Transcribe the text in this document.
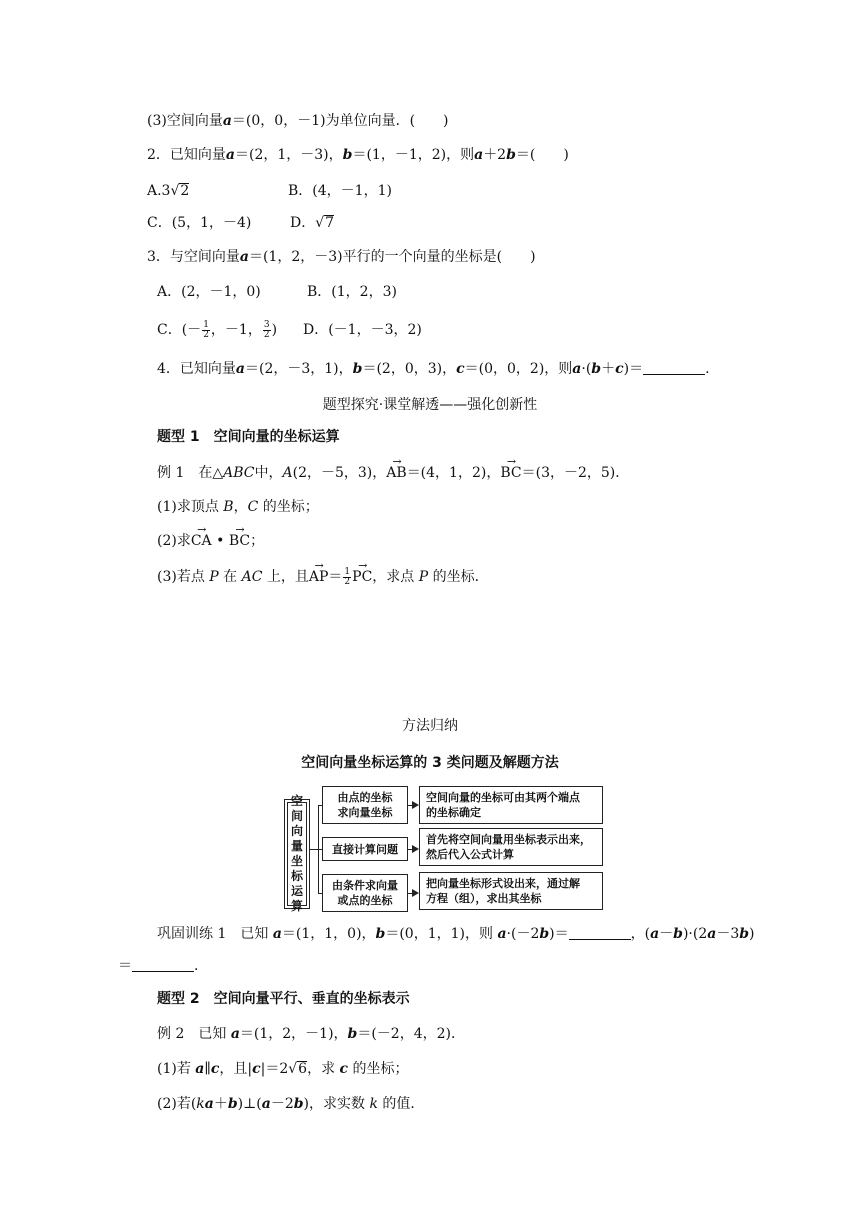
(3)空间向量a＝(0，0，－1)为单位向量．(　　)
2．已知向量a＝(2，1，－3)，b＝(1，－1，2)，则a＋2b＝(　　)
A.3√2	B．(4，－1，1)
C．(5，1，－4)	D．√7
3．与空间向量a＝(1，2，－3)平行的一个向量的坐标是(　　)
A．(2，－1，0)	B．(1，2，3)
C．(－ $\frac{1}{2}$ ，－1， $\frac{3}{2}$ ) D．(－1，－3，2)
4．已知向量a＝(2，－3，1)，b＝(2，0，3)，c＝(0，0，2)，则a·(b＋c)＝	.
题型探究·课堂解透——强化创新性
题型 1　空间向量的坐标运算
例 1　在△ABC中，A(2，－5，3)，→ AB＝(4，1，2)，→ BC＝(3，－2，5)．
(1)求顶点 B，C 的坐标；
(2)求→ CA • → BC；
(3)若点 P 在 AC 上，且→ $AP= \frac{1}{2}$
→ PC，求点 P 的坐标．
方法归纳
空间向量坐标运算的 3 类问题及解题方法
空
间
向
量
坐
标
运
算
由点的坐标
求向量坐标
空间向量的坐标可由其两个端点
的坐标确定
直接计算问题
首先将空间向量用坐标表示出来，
然后代入公式计算
由条件求向量
或点的坐标
把向量坐标形式设出来，通过解
方程（组），求出其坐标
巩固训练 1　已知 a＝(1，1，0)，b＝(0，1，1)，则 a·(－2b)＝	，(a－b)·(2a－3b)
＝	.
题型 2　空间向量平行、垂直的坐标表示
例 2　已知 a＝(1，2，－1)，b＝(－2，4，2)．
(1)若 a∥c，且|c|＝2√6，求 c 的坐标；
(2)若(ka＋b)⊥(a－2b)，求实数 k 的值．
